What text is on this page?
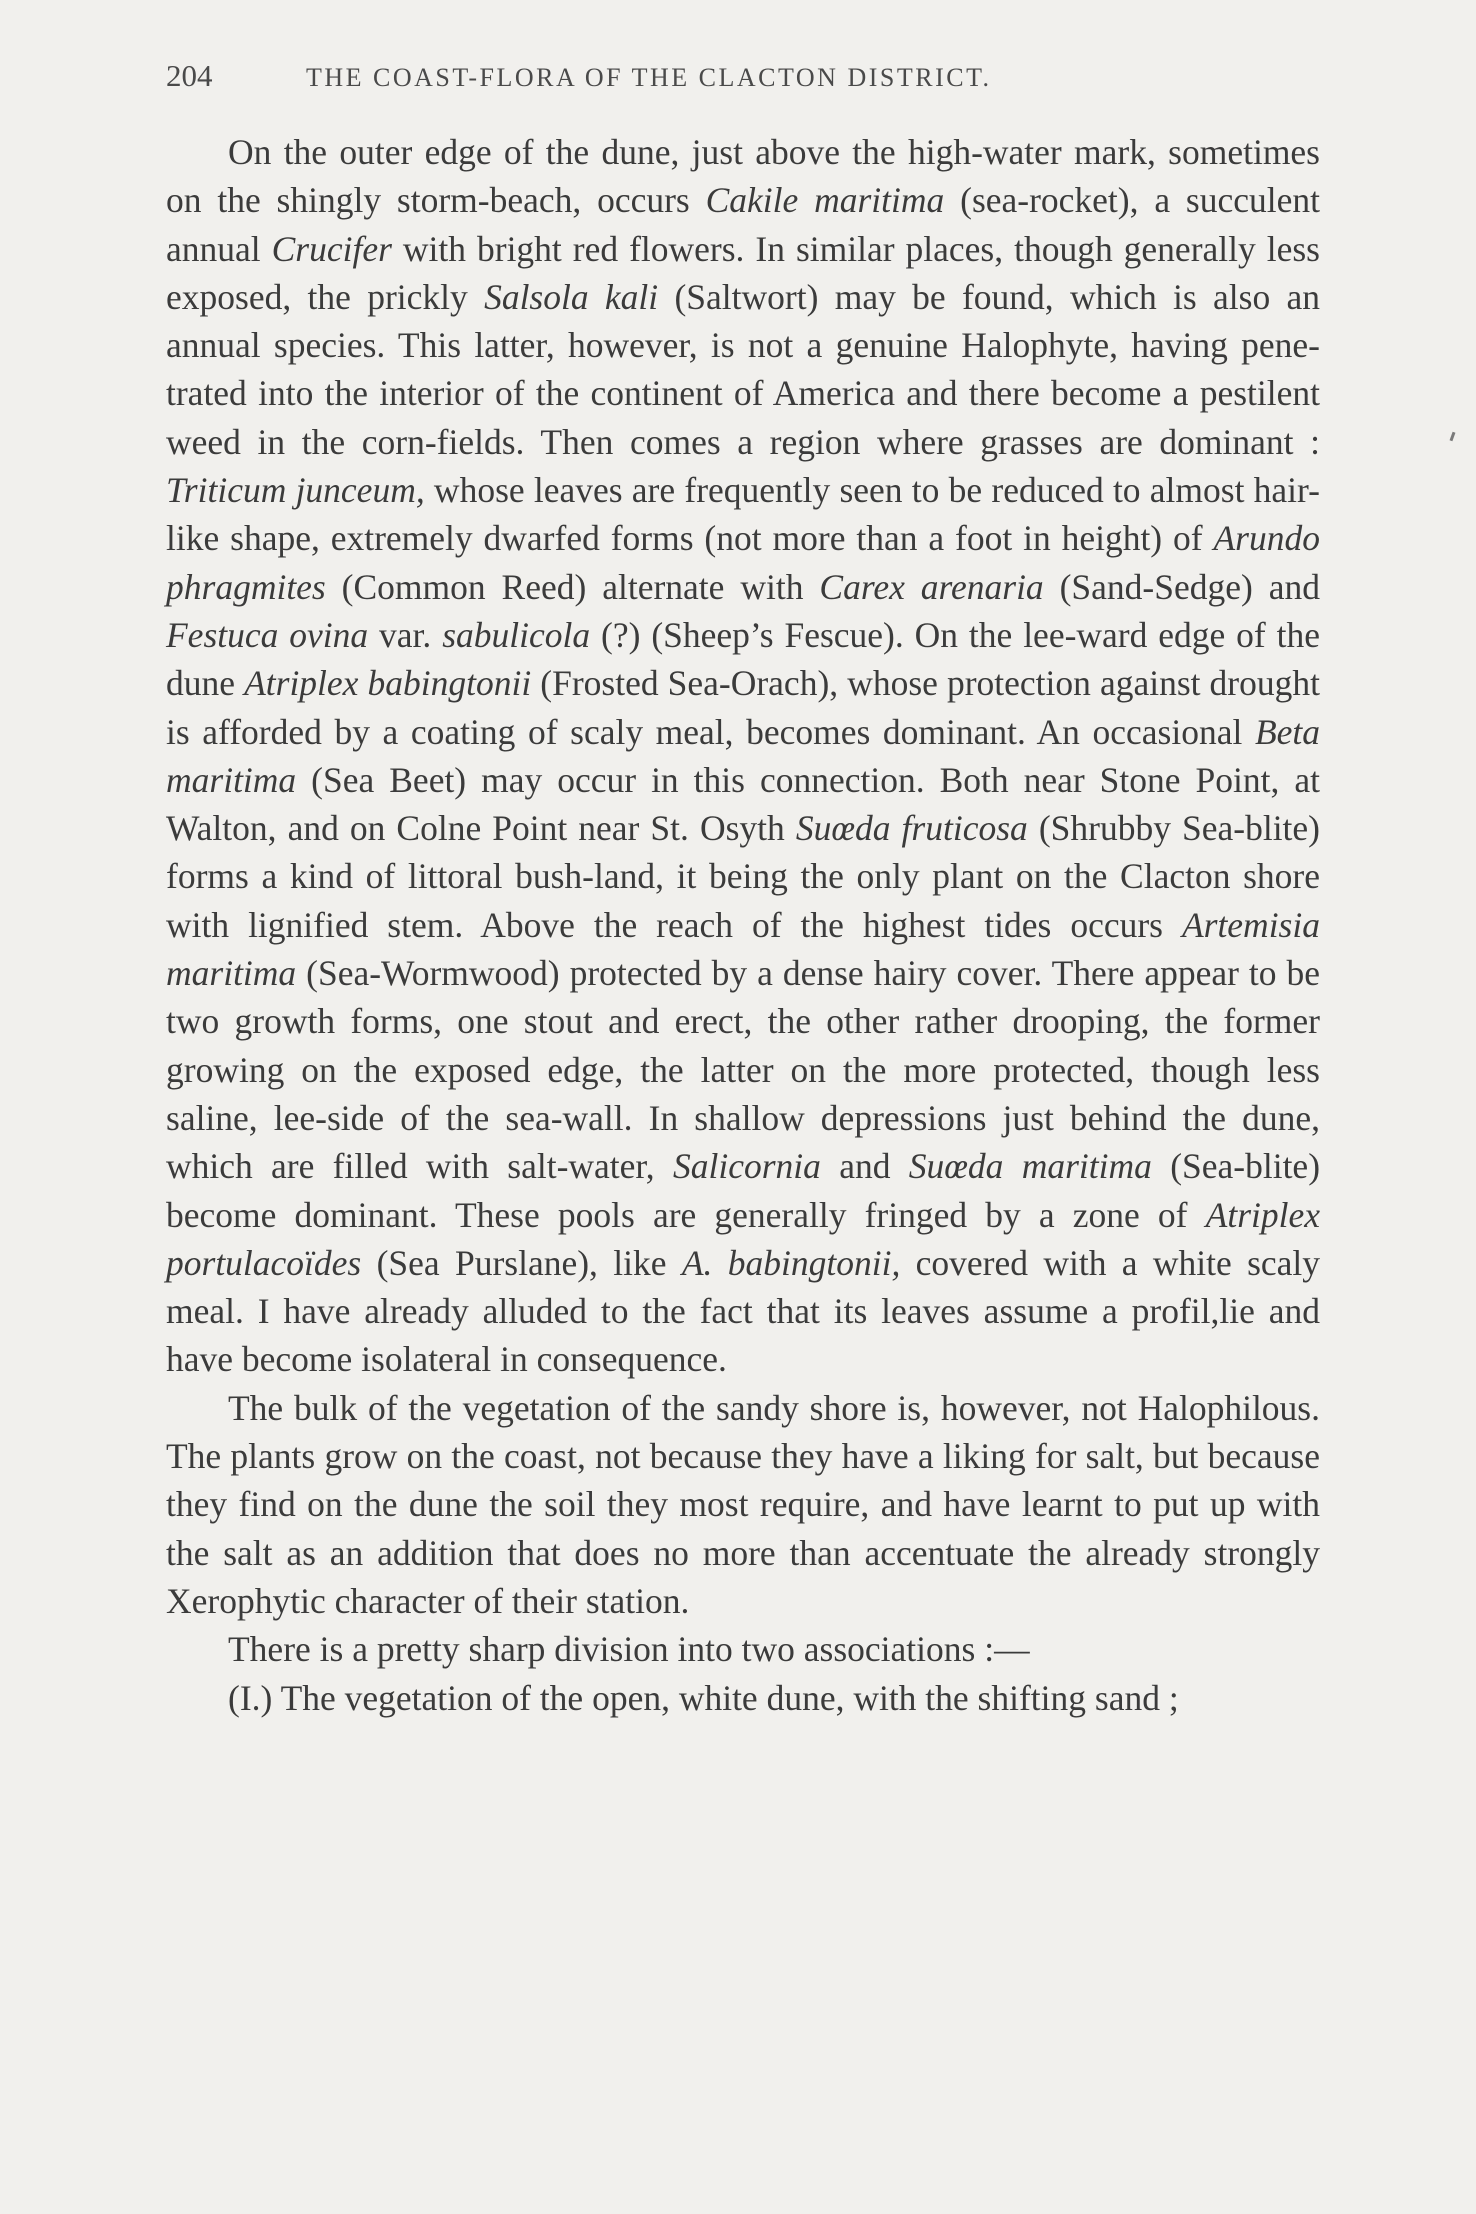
204	THE COAST-FLORA OF THE CLACTON DISTRICT.

On the outer edge of the dune, just above the high-water mark, sometimes on the shingly storm-beach, occurs Cakile maritima (sea-rocket), a succulent annual Crucifer with bright red flowers. In similar places, though generally less exposed, the prickly Salsola kali (Saltwort) may be found, which is also an annual species. This latter, however, is not a genuine Halophyte, having penetrated into the interior of the continent of America and there become a pestilent weed in the corn-fields. Then comes a region where grasses are dominant : Triticum junceum, whose leaves are frequently seen to be reduced to almost hair-like shape, extremely dwarfed forms (not more than a foot in height) of Arundo phragmites (Common Reed) alternate with Carex arenaria (Sand-Sedge) and Festuca ovina var. sabulicola (?) (Sheep’s Fescue). On the lee-ward edge of the dune Atriplex babingtonii (Frosted Sea-Orach), whose protection against drought is afforded by a coating of scaly meal, becomes dominant. An occasional Beta maritima (Sea Beet) may occur in this connection. Both near Stone Point, at Walton, and on Colne Point near St. Osyth Suœda fruticosa (Shrubby Sea-blite) forms a kind of littoral bush-land, it being the only plant on the Clacton shore with lignified stem. Above the reach of the highest tides occurs Artemisia maritima (Sea-Wormwood) protected by a dense hairy cover. There appear to be two growth forms, one stout and erect, the other rather drooping, the former growing on the exposed edge, the latter on the more protected, though less saline, lee-side of the sea-wall. In shallow depressions just behind the dune, which are filled with salt-water, Salicornia and Suœda maritima (Sea-blite) become dominant. These pools are generally fringed by a zone of Atriplex portulacoïdes (Sea Purslane), like A. babingtonii, covered with a white scaly meal. I have already alluded to the fact that its leaves assume a profil,lie and have become isolateral in consequence.

The bulk of the vegetation of the sandy shore is, however, not Halophilous. The plants grow on the coast, not because they have a liking for salt, but because they find on the dune the soil they most require, and have learnt to put up with the salt as an addition that does no more than accentuate the already strongly Xerophytic character of their station.

There is a pretty sharp division into two associations :—

(I.) The vegetation of the open, white dune, with the shifting sand ;
